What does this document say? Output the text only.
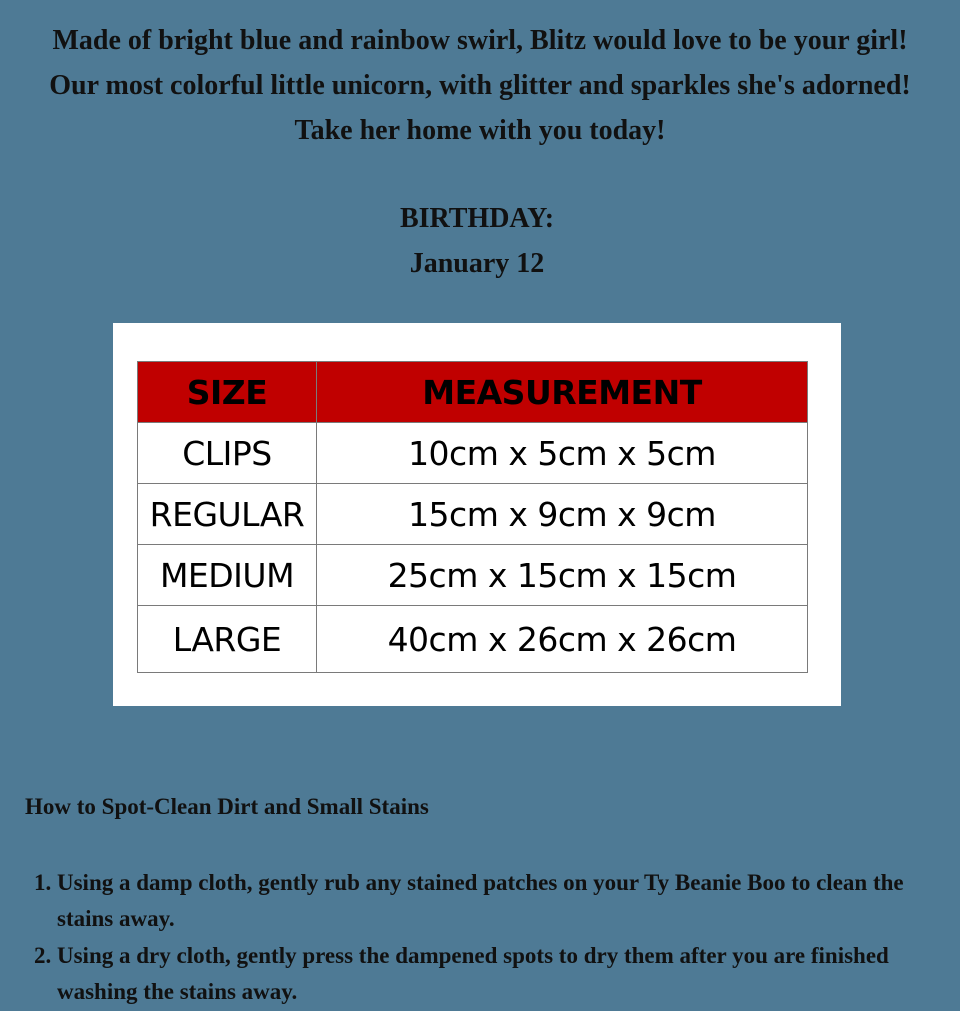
Made of bright blue and rainbow swirl, Blitz would love to be your girl!
Our most colorful little unicorn, with glitter and sparkles she's adorned!
Take her home with you today!
BIRTHDAY:
January 12
SIZE	MEASUREMENT
CLIPS	10cm x 5cm x 5cm
REGULAR	15cm x 9cm x 9cm
MEDIUM	25cm x 15cm x 15cm
LARGE	40cm x 26cm x 26cm
How to Spot-Clean Dirt and Small Stains
1. Using a damp cloth, gently rub any stained patches on your Ty Beanie Boo to clean the stains away.
2. Using a dry cloth, gently press the dampened spots to dry them after you are finished washing the stains away.
